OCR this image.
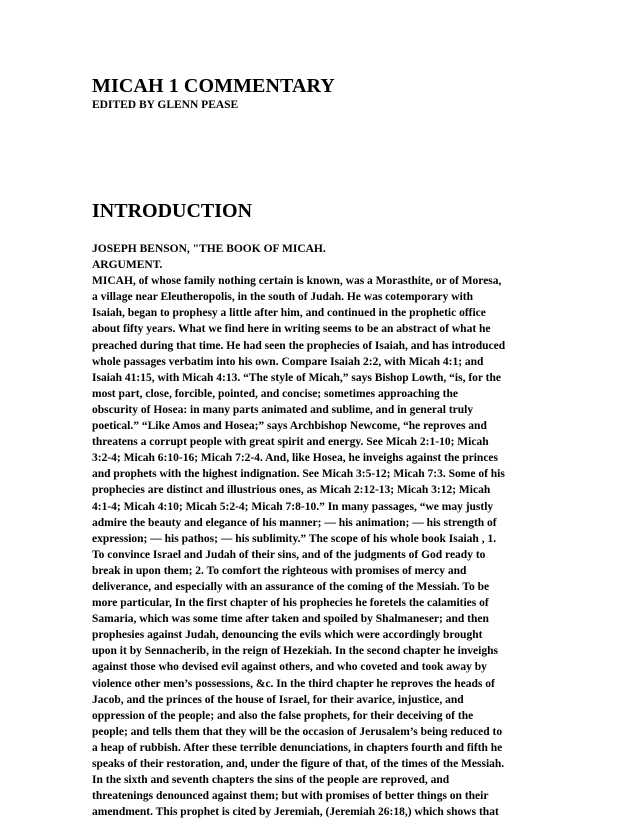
MICAH 1 COMMENTARY
EDITED BY GLENN PEASE
INTRODUCTION
JOSEPH BENSON, "THE BOOK OF MICAH.
ARGUMENT.
MICAH, of whose family nothing certain is known, was a Morasthite, or of Moresa,
a village near Eleutheropolis, in the south of Judah. He was cotemporary with
Isaiah, began to prophesy a little after him, and continued in the prophetic office
about fifty years. What we find here in writing seems to be an abstract of what he
preached during that time. He had seen the prophecies of Isaiah, and has introduced
whole passages verbatim into his own. Compare Isaiah 2:2, with Micah 4:1; and
Isaiah 41:15, with Micah 4:13. “The style of Micah,” says Bishop Lowth, “is, for the
most part, close, forcible, pointed, and concise; sometimes approaching the
obscurity of Hosea: in many parts animated and sublime, and in general truly
poetical.” “Like Amos and Hosea;” says Archbishop Newcome, “he reproves and
threatens a corrupt people with great spirit and energy. See Micah 2:1-10; Micah
3:2-4; Micah 6:10-16; Micah 7:2-4. And, like Hosea, he inveighs against the princes
and prophets with the highest indignation. See Micah 3:5-12; Micah 7:3. Some of his
prophecies are distinct and illustrious ones, as Micah 2:12-13; Micah 3:12; Micah
4:1-4; Micah 4:10; Micah 5:2-4; Micah 7:8-10.” In many passages, “we may justly
admire the beauty and elegance of his manner; — his animation; — his strength of
expression; — his pathos; — his sublimity.” The scope of his whole book Isaiah , 1.
To convince Israel and Judah of their sins, and of the judgments of God ready to
break in upon them; 2. To comfort the righteous with promises of mercy and
deliverance, and especially with an assurance of the coming of the Messiah. To be
more particular, In the first chapter of his prophecies he foretels the calamities of
Samaria, which was some time after taken and spoiled by Shalmaneser; and then
prophesies against Judah, denouncing the evils which were accordingly brought
upon it by Sennacherib, in the reign of Hezekiah. In the second chapter he inveighs
against those who devised evil against others, and who coveted and took away by
violence other men’s possessions, &c. In the third chapter he reproves the heads of
Jacob, and the princes of the house of Israel, for their avarice, injustice, and
oppression of the people; and also the false prophets, for their deceiving of the
people; and tells them that they will be the occasion of Jerusalem’s being reduced to
a heap of rubbish. After these terrible denunciations, in chapters fourth and fifth he
speaks of their restoration, and, under the figure of that, of the times of the Messiah.
In the sixth and seventh chapters the sins of the people are reproved, and
threatenings denounced against them; but with promises of better things on their
amendment. This prophet is cited by Jeremiah, (Jeremiah 26:18,) which shows that
